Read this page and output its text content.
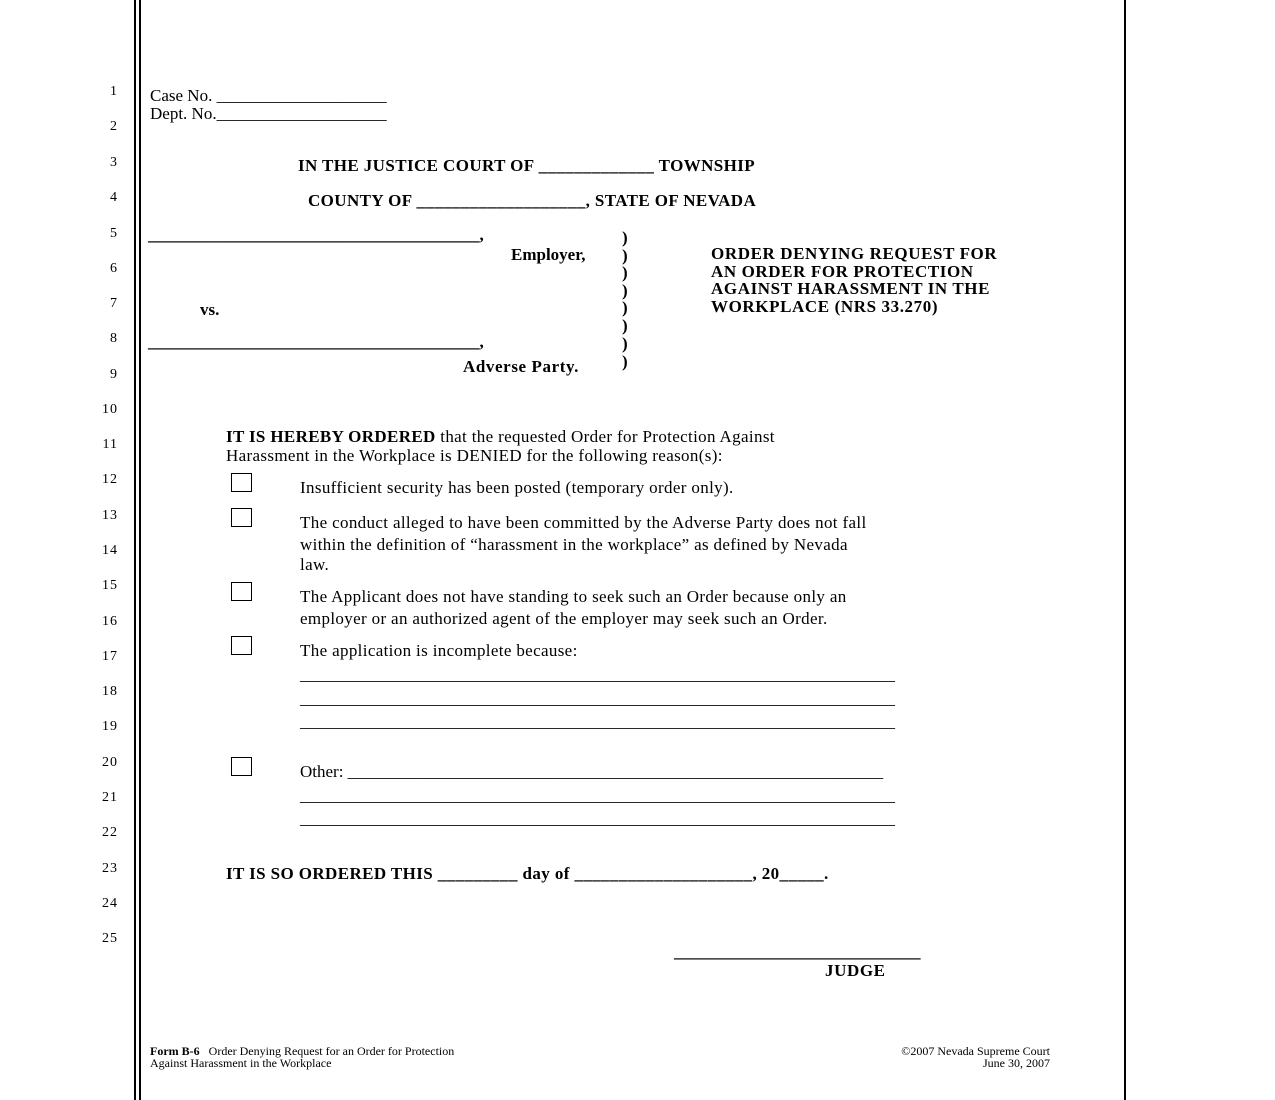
1
2
3
4
5
6
7
8
9
10
11
12
13
14
15
16
17
18
19
20
21
22
23
24
25
Case No. ____________________
Dept. No.____________________
IN THE JUSTICE COURT OF _____________ TOWNSHIP
COUNTY OF ___________________, STATE OF NEVADA
_______________________________________,
Employer,
vs.
_______________________________________,
Adverse Party.
)
)
)
)
)
)
)
)
ORDER DENYING REQUEST FOR
AN ORDER FOR PROTECTION
AGAINST HARASSMENT IN THE
WORKPLACE (NRS 33.270)
IT IS HEREBY ORDERED that the requested Order for Protection Against
Harassment in the Workplace is DENIED for the following reason(s):
Insufficient security has been posted (temporary order only).
The conduct alleged to have been committed by the Adverse Party does not fall
within the definition of “harassment in the workplace” as defined by Nevada
law.
The Applicant does not have standing to seek such an Order because only an
employer or an authorized agent of the employer may seek such an Order.
The application is incomplete because:
______________________________________________________________________
______________________________________________________________________
______________________________________________________________________
Other: _______________________________________________________________
______________________________________________________________________
______________________________________________________________________
IT IS SO ORDERED THIS _________ day of ____________________, 20_____.
_____________________________
JUDGE
Form B-6 Order Denying Request for an Order for Protection
Against Harassment in the Workplace
©2007 Nevada Supreme Court
June 30, 2007
